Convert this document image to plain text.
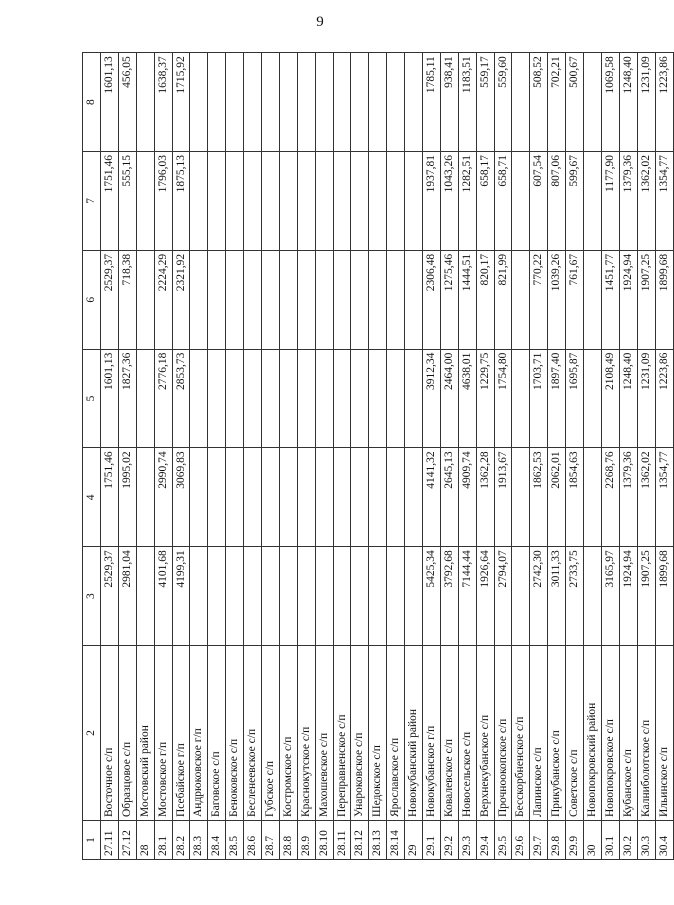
9
1
2
3
4
5
6
7
8
27.11
Восточное с/п
2529,37
1751,46
1601,13
2529,37
1751,46
1601,13
27.12
Образцовое с/п
2981,04
1995,02
1827,36
718,38
555,15
456,05
28
Мостовский район
28.1
Мостовское г/п
4101,68
2990,74
2776,18
2224,29
1796,03
1638,37
28.2
Псебайское г/п
4199,31
3069,83
2853,73
2321,92
1875,13
1715,92
28.3
Андрюковское г/п
28.4
Баговское с/п
28.5
Беноковское с/п
28.6
Бесленеевское с/п
28.7
Губское с/п
28.8
Костромское с/п
28.9
Краснокутское с/п
28.10
Махошевское с/п
28.11
Переправненское с/п
28.12
Унароковское с/п
28.13
Шедокское с/п
28.14
Ярославское с/п
29
Новокубанский район
29.1
Новокубанское г/п
5425,34
4141,32
3912,34
2306,48
1937,81
1785,11
29.2
Ковалевское с/п
3792,68
2645,13
2464,00
1275,46
1043,26
938,41
29.3
Новосельское с/п
7144,44
4909,74
4638,01
1444,51
1282,51
1183,51
29.4
Верхнекубанское с/п
1926,64
1362,28
1229,75
820,17
658,17
559,17
29.5
Прочноокопское с/п
2794,07
1913,67
1754,80
821,99
658,71
559,60
29.6
Бесскорбненское с/п
29.7
Лапинское с/п
2742,30
1862,53
1703,71
770,22
607,54
508,52
29.8
Прикубанское с/п
3011,33
2062,01
1897,40
1039,26
807,06
702,21
29.9
Советское с/п
2733,75
1854,63
1695,87
761,67
599,67
500,67
30
Новопокровский район
30.1
Новопокровское с/п
3165,97
2268,76
2108,49
1451,77
1177,90
1069,58
30.2
Кубанское с/п
1924,94
1379,36
1248,40
1924,94
1379,36
1248,40
30.3
Калниболотское с/п
1907,25
1362,02
1231,09
1907,25
1362,02
1231,09
30.4
Ильинское с/п
1899,68
1354,77
1223,86
1899,68
1354,77
1223,86
